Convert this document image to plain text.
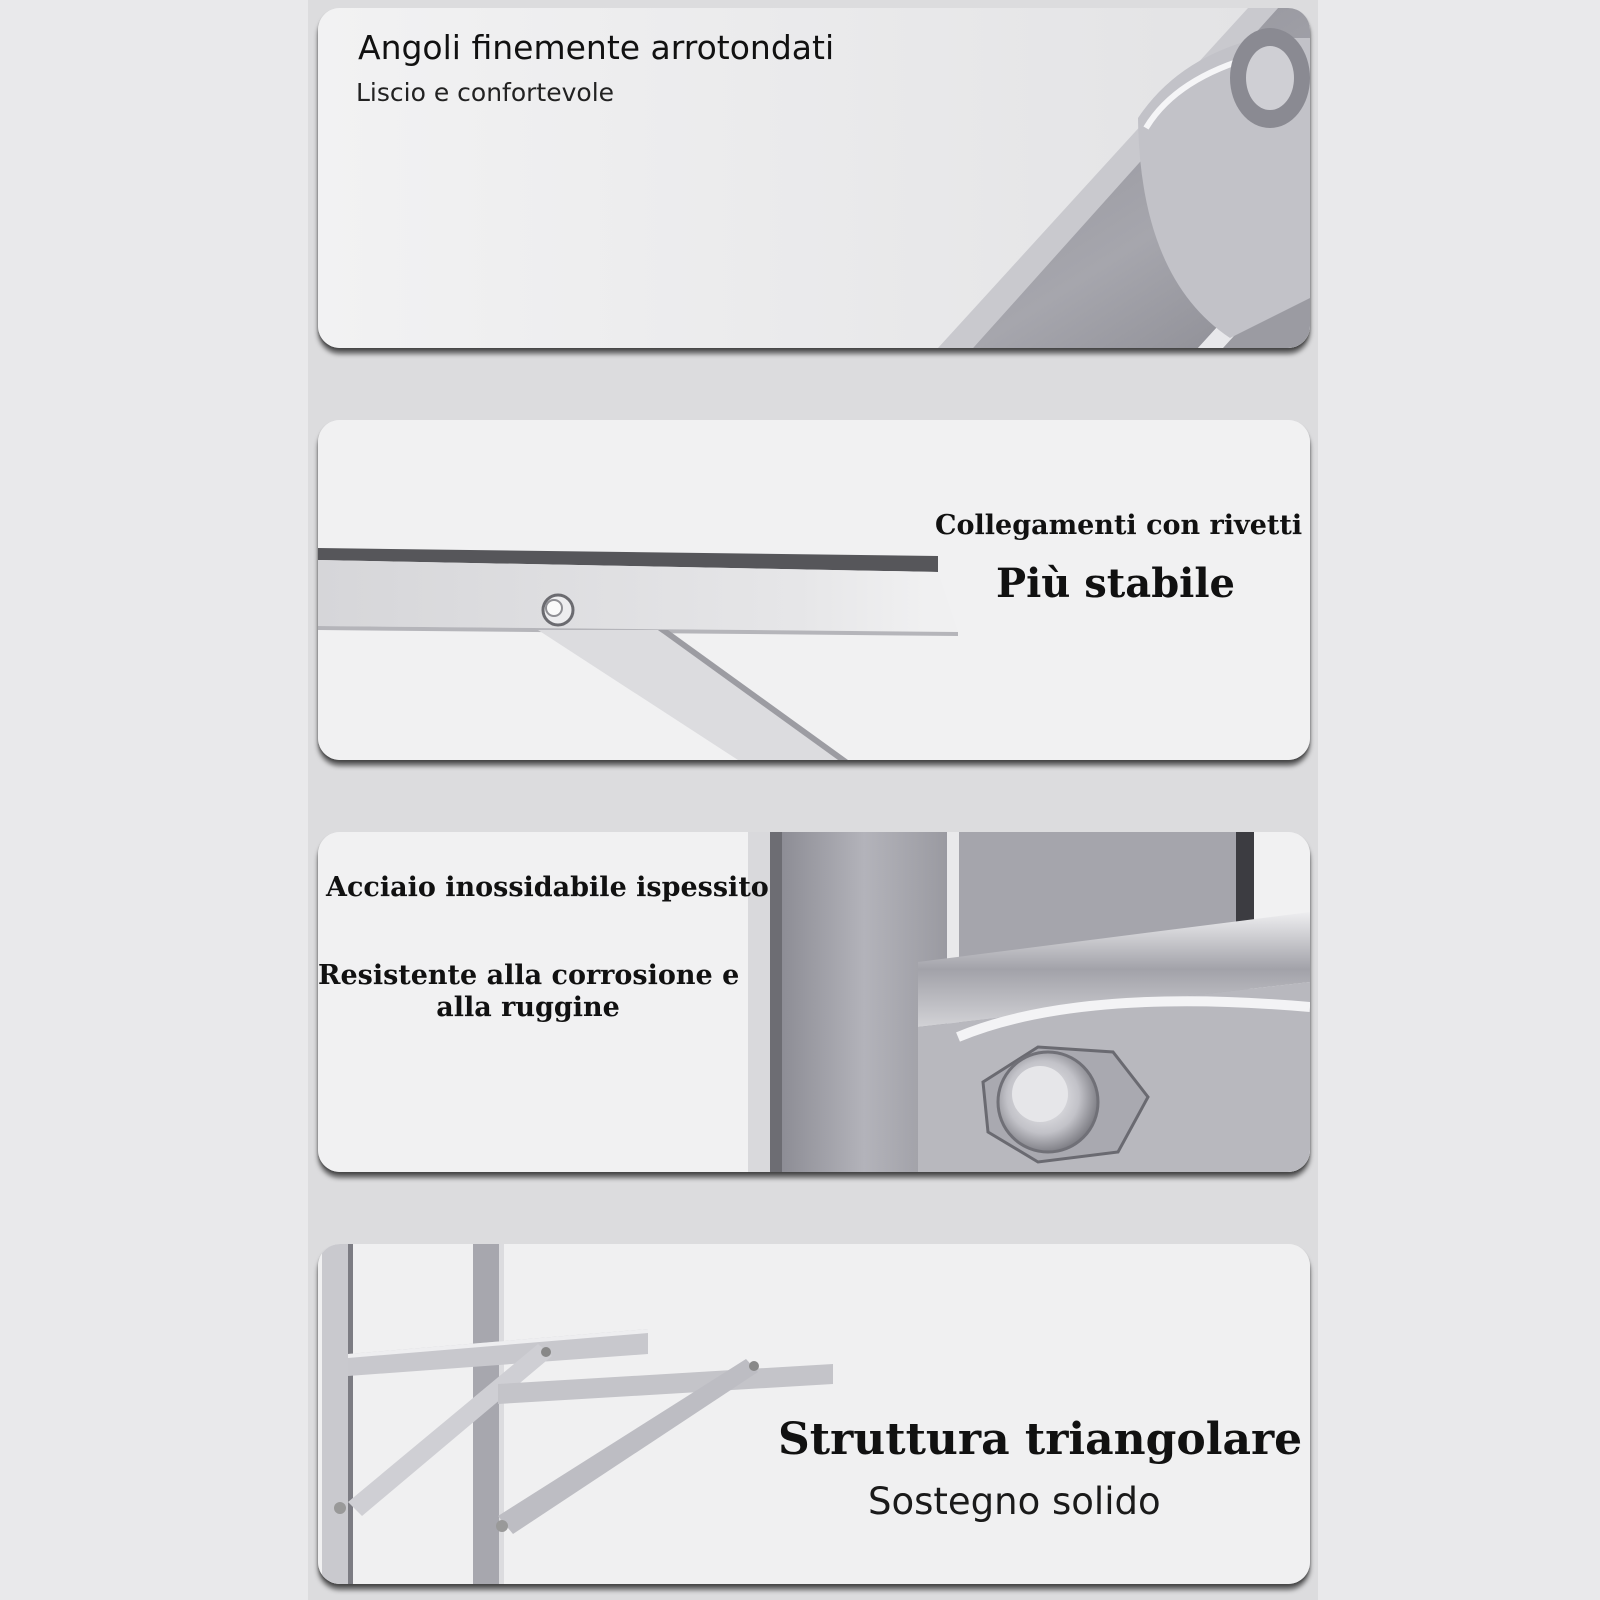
Angoli finemente arrotondati
Liscio e confortevole
Collegamenti con rivetti
Più stabile
Acciaio inossidabile ispessito
Resistente alla corrosione e
alla ruggine
Struttura triangolare
Sostegno solido
